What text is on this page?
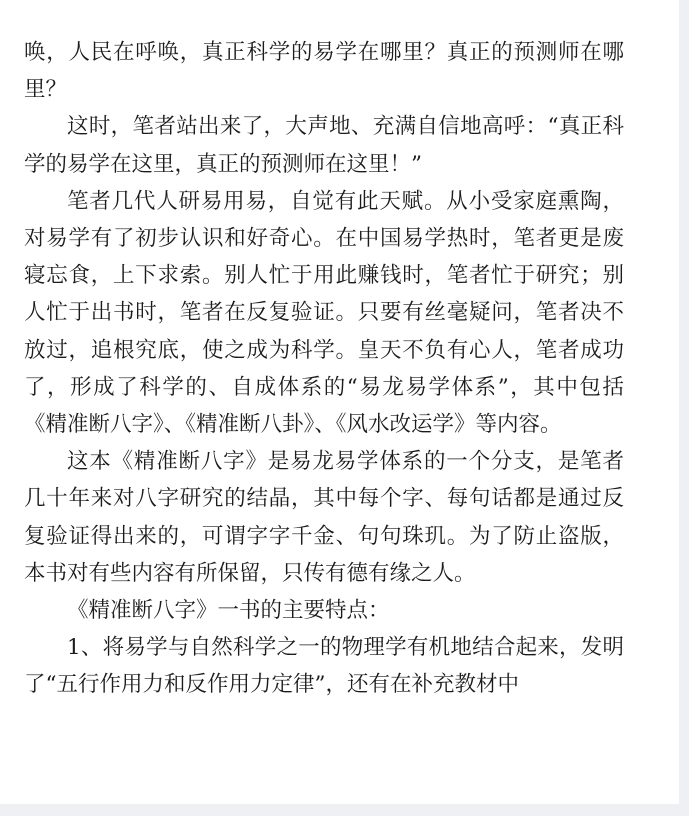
唤，人民在呼唤，真正科学的易学在哪里？真正的预测师在哪里？

这时，笔者站出来了，大声地、充满自信地高呼：“真正科学的易学在这里，真正的预测师在这里！”

笔者几代人研易用易，自觉有此天赋。从小受家庭熏陶，对易学有了初步认识和好奇心。在中国易学热时，笔者更是废寝忘食，上下求索。别人忙于用此赚钱时，笔者忙于研究；别人忙于出书时，笔者在反复验证。只要有丝毫疑问，笔者决不放过，追根究底，使之成为科学。皇天不负有心人，笔者成功了，形成了科学的、自成体系的“易龙易学体系”，其中包括《精准断八字》、《精准断八卦》、《风水改运学》等内容。

这本《精准断八字》是易龙易学体系的一个分支，是笔者几十年来对八字研究的结晶，其中每个字、每句话都是通过反复验证得出来的，可谓字字千金、句句珠玑。为了防止盗版，本书对有些内容有所保留，只传有德有缘之人。

《精准断八字》一书的主要特点：

1、将易学与自然科学之一的物理学有机地结合起来，发明了“五行作用力和反作用力定律”，还有在补充教材中
